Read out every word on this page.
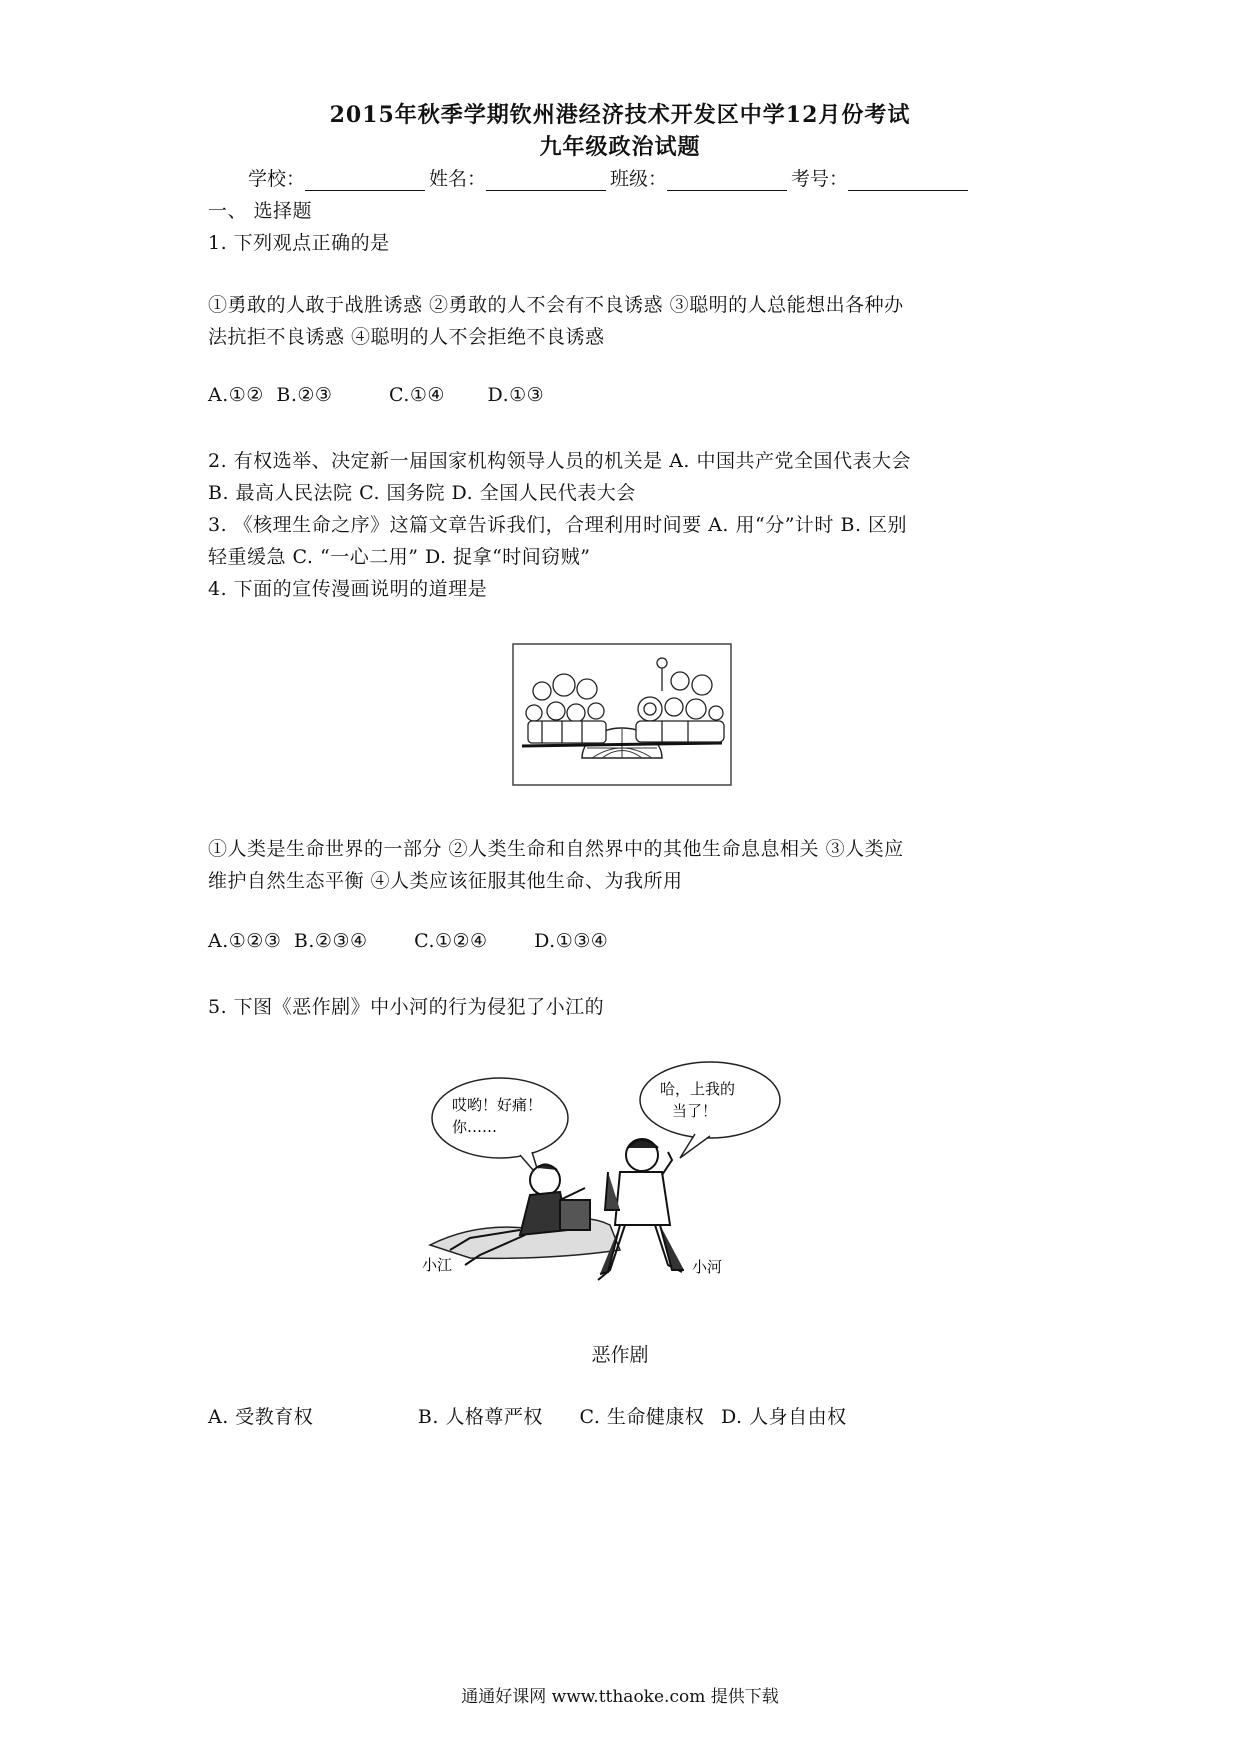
2015年秋季学期钦州港经济技术开发区中学12月份考试
九年级政治试题
学校：	姓名：	班级：	考号：
一、 选择题
1. 下列观点正确的是
①勇敢的人敢于战胜诱惑 ②勇敢的人不会有不良诱惑 ③聪明的人总能想出各种办
法抗拒不良诱惑 ④聪明的人不会拒绝不良诱惑
A.①② B.②③	C.①④ D.①③
2. 有权选举、决定新一届国家机构领导人员的机关是 A. 中国共产党全国代表大会
B. 最高人民法院 C. 国务院 D. 全国人民代表大会
3. 《核理生命之序》这篇文章告诉我们，合理利用时间要 A. 用“分”计时 B. 区别
轻重缓急 C. “一心二用” D. 捉拿“时间窃贼”
4. 下面的宣传漫画说明的道理是
①人类是生命世界的一部分 ②人类生命和自然界中的其他生命息息相关 ③人类应
维护自然生态平衡 ④人类应该征服其他生命、为我所用
A.①②③ B.②③④ C.①②④ D.①③④
5. 下图《恶作剧》中小河的行为侵犯了小江的
哎哟！好痛！
你……
哈，上我的
当了！
小江	小河
恶作剧
A. 受教育权	B. 人格尊严权 C. 生命健康权 D. 人身自由权
通通好课网 www.tthaoke.com 提供下载
